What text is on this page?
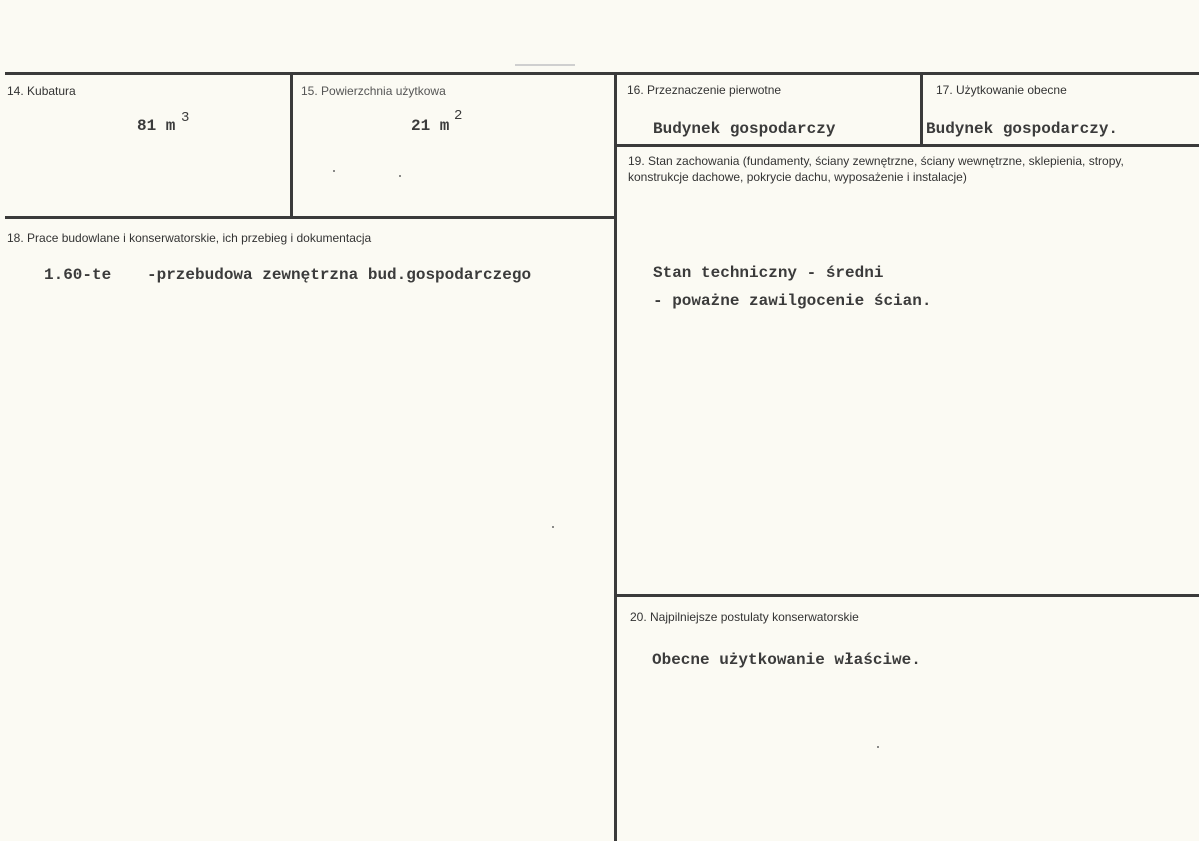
14. Kubatura
81 m 3
15. Powierzchnia użytkowa
21 m
2
16. Przeznaczenie pierwotne
Budynek gospodarczy
17. Użytkowanie obecne
Budynek gospodarczy.
18. Prace budowlane i konserwatorskie, ich przebieg i dokumentacja
1.60-te -przebudowa zewnętrzna bud.gospodarczego
19. Stan zachowania (fundamenty, ściany zewnętrzne, ściany wewnętrzne, sklepienia, stropy, konstrukcje dachowe, pokrycie dachu, wyposażenie i instalacje)
Stan techniczny - średni
- poważne zawilgocenie ścian.
20. Najpilniejsze postulaty konserwatorskie
Obecne użytkowanie właściwe.
